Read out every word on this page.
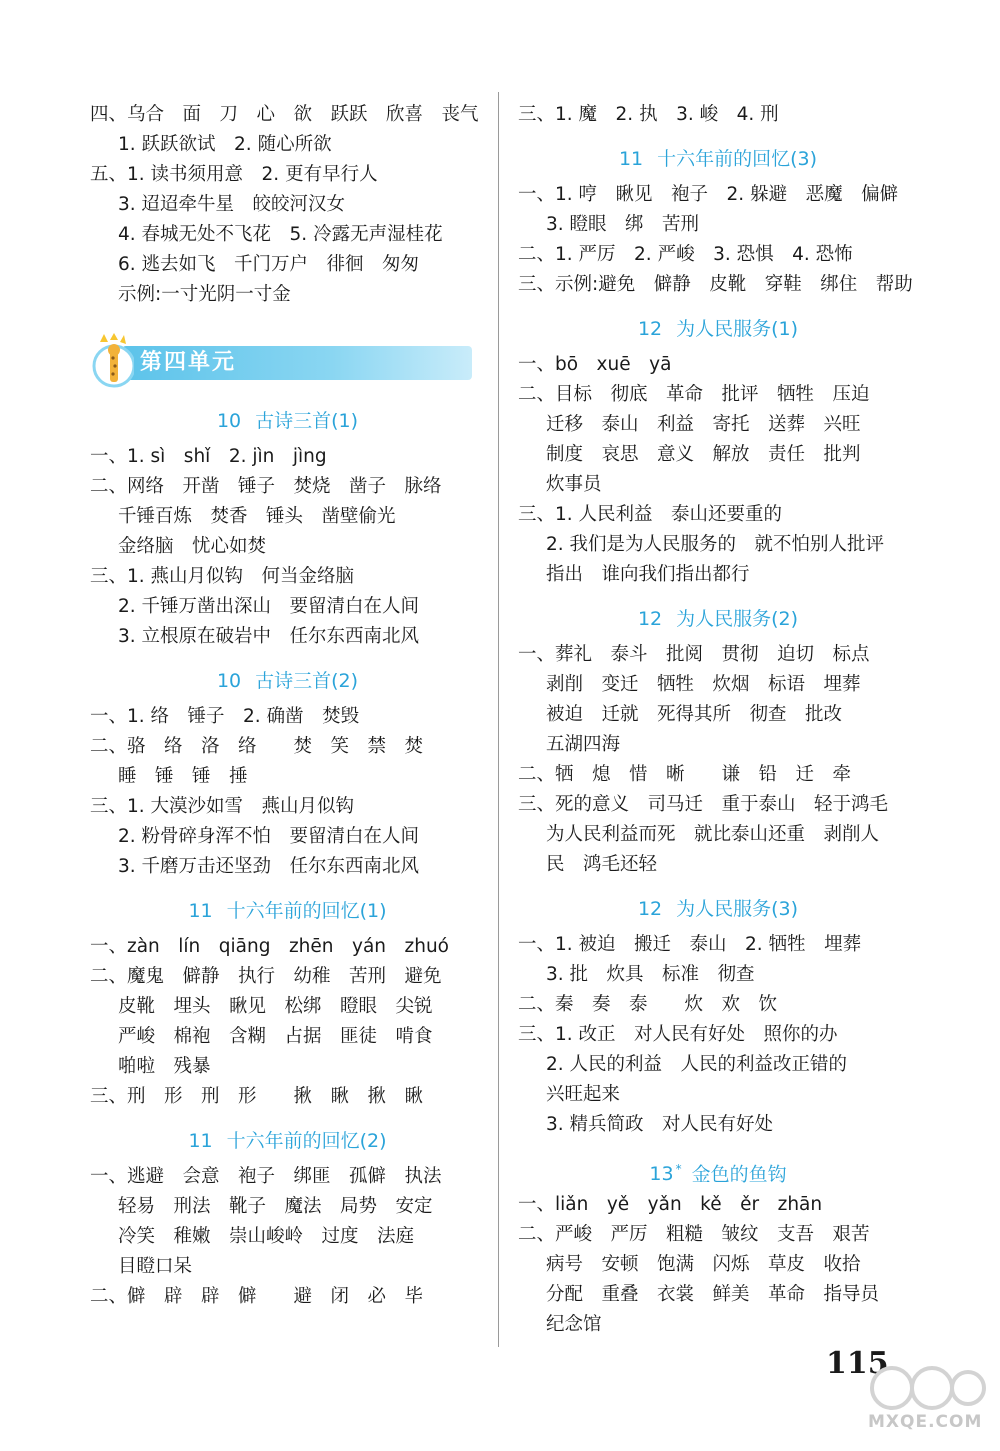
四、乌合　面　刀　心　欲　跃跃　欣喜　丧气
1. 跃跃欲试　2. 随心所欲
五、1. 读书须用意　2. 更有早行人
3. 迢迢牵牛星　皎皎河汉女
4. 春城无处不飞花　5. 冷露无声湿桂花
6. 逃去如飞　千门万户　徘徊　匆匆
示例:一寸光阴一寸金
第四单元
10 古诗三首(1)
一、1. sì　shǐ　2. jìn　jìng
二、网络　开凿　锤子　焚烧　凿子　脉络
千锤百炼　焚香　锤头　凿壁偷光
金络脑　忧心如焚
三、1. 燕山月似钩　何当金络脑
2. 千锤万凿出深山　要留清白在人间
3. 立根原在破岩中　任尔东西南北风
10 古诗三首(2)
一、1. 络　锤子　2. 确凿　焚毁
二、骆　络　洛　络　　焚　笑　禁　焚
睡　锤　锤　捶
三、1. 大漠沙如雪　燕山月似钩
2. 粉骨碎身浑不怕　要留清白在人间
3. 千磨万击还坚劲　任尔东西南北风
11 十六年前的回忆(1)
一、zàn　lín　qiāng　zhēn　yán　zhuó
二、魔鬼　僻静　执行　幼稚　苦刑　避免
皮靴　埋头　瞅见　松绑　瞪眼　尖锐
严峻　棉袍　含糊　占据　匪徒　啃食
啪啦　残暴
三、刑　形　刑　形　　揪　瞅　揪　瞅
11 十六年前的回忆(2)
一、逃避　会意　袍子　绑匪　孤僻　执法
轻易　刑法　靴子　魔法　局势　安定
冷笑　稚嫩　崇山峻岭　过度　法庭
目瞪口呆
二、僻　辟　辟　僻　　避　闭　必　毕
三、1. 魔　2. 执　3. 峻　4. 刑
11 十六年前的回忆(3)
一、1. 哼　瞅见　袍子　2. 躲避　恶魔　偏僻
3. 瞪眼　绑　苦刑
二、1. 严厉　2. 严峻　3. 恐惧　4. 恐怖
三、示例:避免　僻静　皮靴　穿鞋　绑住　帮助
12 为人民服务(1)
一、bō　xuē　yā
二、目标　彻底　革命　批评　牺牲　压迫
迁移　泰山　利益　寄托　送葬　兴旺
制度　哀思　意义　解放　责任　批判
炊事员
三、1. 人民利益　泰山还要重的
2. 我们是为人民服务的　就不怕别人批评
指出　谁向我们指出都行
12 为人民服务(2)
一、葬礼　泰斗　批阅　贯彻　迫切　标点
剥削　变迁　牺牲　炊烟　标语　埋葬
被迫　迁就　死得其所　彻查　批改
五湖四海
二、牺　熄　惜　晰　　谦　铅　迁　牵
三、死的意义　司马迁　重于泰山　轻于鸿毛
为人民利益而死　就比泰山还重　剥削人
民　鸿毛还轻
12 为人民服务(3)
一、1. 被迫　搬迁　泰山　2. 牺牲　埋葬
3. 批　炊具　标准　彻查
二、秦　奏　泰　　炊　欢　饮
三、1. 改正　对人民有好处　照你的办
2. 人民的利益　人民的利益改正错的
兴旺起来
3. 精兵简政　对人民有好处
13 * 金色的鱼钩
一、liǎn　yě　yǎn　kě　ěr　zhān
二、严峻　严厉　粗糙　皱纹　支吾　艰苦
病号　安顿　饱满　闪烁　草皮　收拾
分配　重叠　衣裳　鲜美　革命　指导员
纪念馆
115
MXQE.COM
